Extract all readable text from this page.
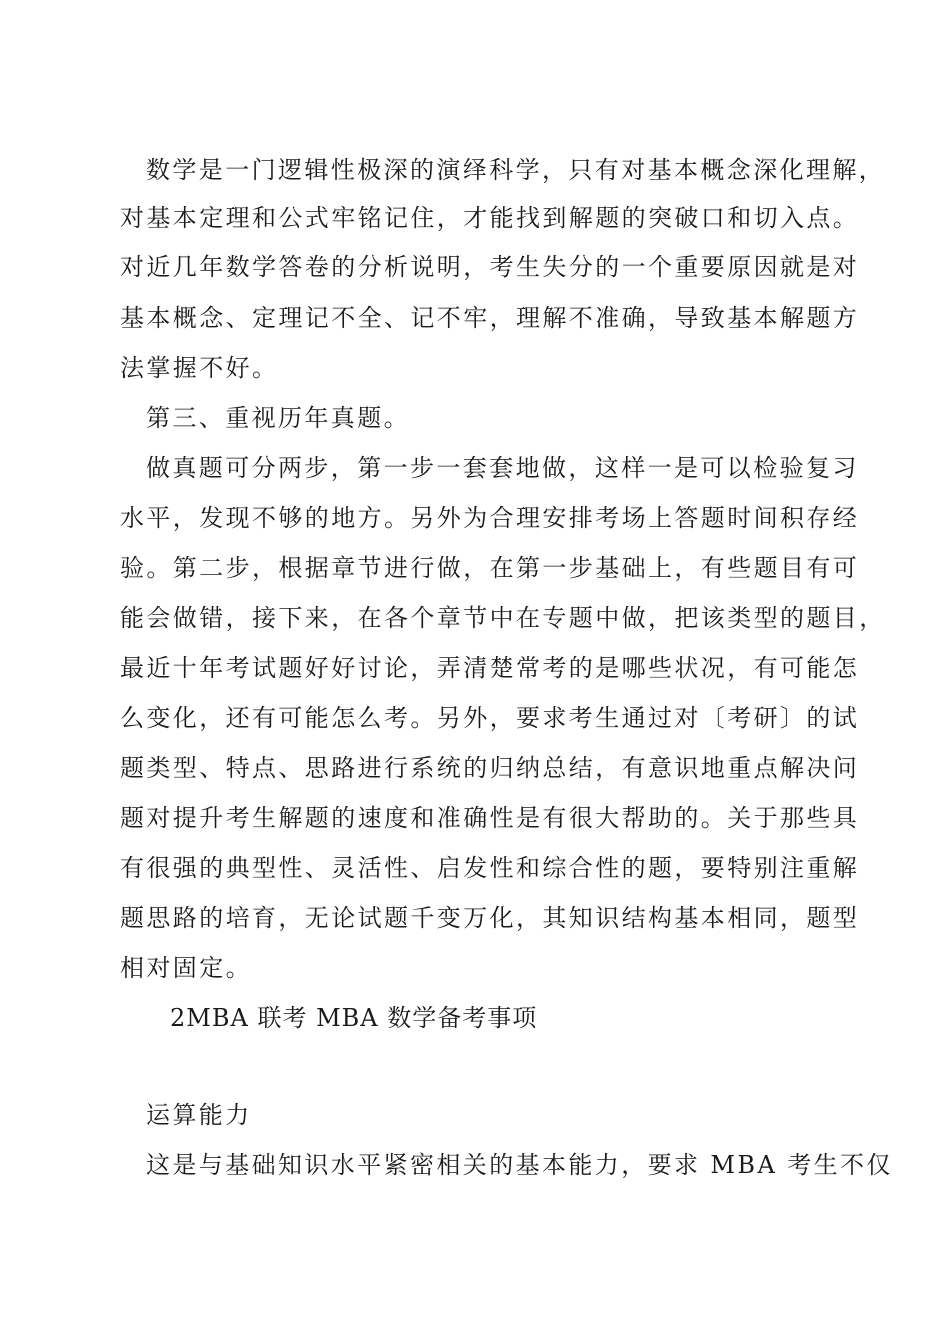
数学是一门逻辑性极深的演绎科学，只有对基本概念深化理解，
对基本定理和公式牢铭记住，才能找到解题的突破口和切入点。
对近几年数学答卷的分析说明，考生失分的一个重要原因就是对
基本概念、定理记不全、记不牢，理解不准确，导致基本解题方
法掌握不好。
第三、重视历年真题。
做真题可分两步，第一步一套套地做，这样一是可以检验复习
水平，发现不够的地方。另外为合理安排考场上答题时间积存经
验。第二步，根据章节进行做，在第一步基础上，有些题目有可
能会做错，接下来，在各个章节中在专题中做，把该类型的题目，
最近十年考试题好好讨论，弄清楚常考的是哪些状况，有可能怎
么变化，还有可能怎么考。另外，要求考生通过对〔考研〕的试
题类型、特点、思路进行系统的归纳总结，有意识地重点解决问
题对提升考生解题的速度和准确性是有很大帮助的。关于那些具
有很强的典型性、灵活性、启发性和综合性的题，要特别注重解
题思路的培育，无论试题千变万化，其知识结构基本相同，题型
相对固定。
2MBA 联考 MBA 数学备考事项
运算能力
这是与基础知识水平紧密相关的基本能力，要求 MBA 考生不仅
